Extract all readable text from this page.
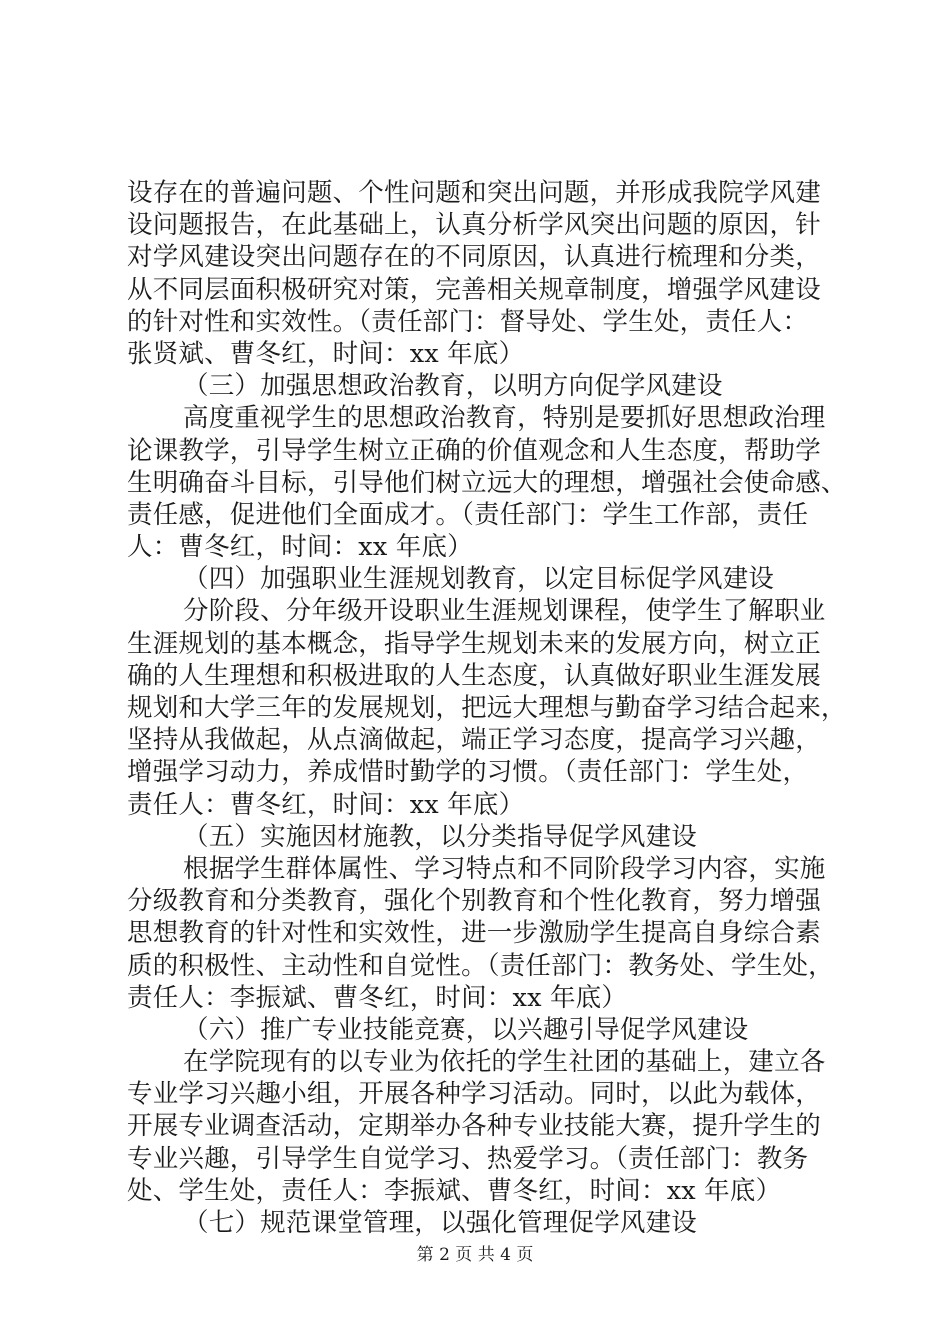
设存在的普遍问题、个性问题和突出问题，并形成我院学风建
设问题报告，在此基础上，认真分析学风突出问题的原因，针
对学风建设突出问题存在的不同原因，认真进行梳理和分类，
从不同层面积极研究对策，完善相关规章制度，增强学风建设
的针对性和实效性。（责任部门：督导处、学生处，责任人：
张贤斌、曹冬红，时间：xx 年底）
（三）加强思想政治教育，以明方向促学风建设
高度重视学生的思想政治教育，特别是要抓好思想政治理
论课教学，引导学生树立正确的价值观念和人生态度，帮助学
生明确奋斗目标，引导他们树立远大的理想，增强社会使命感、
责任感，促进他们全面成才。（责任部门：学生工作部，责任
人：曹冬红，时间：xx 年底）
（四）加强职业生涯规划教育，以定目标促学风建设
分阶段、分年级开设职业生涯规划课程，使学生了解职业
生涯规划的基本概念，指导学生规划未来的发展方向，树立正
确的人生理想和积极进取的人生态度，认真做好职业生涯发展
规划和大学三年的发展规划，把远大理想与勤奋学习结合起来，
坚持从我做起，从点滴做起，端正学习态度，提高学习兴趣，
增强学习动力，养成惜时勤学的习惯。（责任部门：学生处，
责任人：曹冬红，时间：xx 年底）
（五）实施因材施教，以分类指导促学风建设
根据学生群体属性、学习特点和不同阶段学习内容，实施
分级教育和分类教育，强化个别教育和个性化教育，努力增强
思想教育的针对性和实效性，进一步激励学生提高自身综合素
质的积极性、主动性和自觉性。（责任部门：教务处、学生处，
责任人：李振斌、曹冬红，时间：xx 年底）
（六）推广专业技能竞赛，以兴趣引导促学风建设
在学院现有的以专业为依托的学生社团的基础上，建立各
专业学习兴趣小组，开展各种学习活动。同时，以此为载体，
开展专业调查活动，定期举办各种专业技能大赛，提升学生的
专业兴趣，引导学生自觉学习、热爱学习。（责任部门：教务
处、学生处，责任人：李振斌、曹冬红，时间：xx 年底）
（七）规范课堂管理，以强化管理促学风建设
第 2 页 共 4 页
